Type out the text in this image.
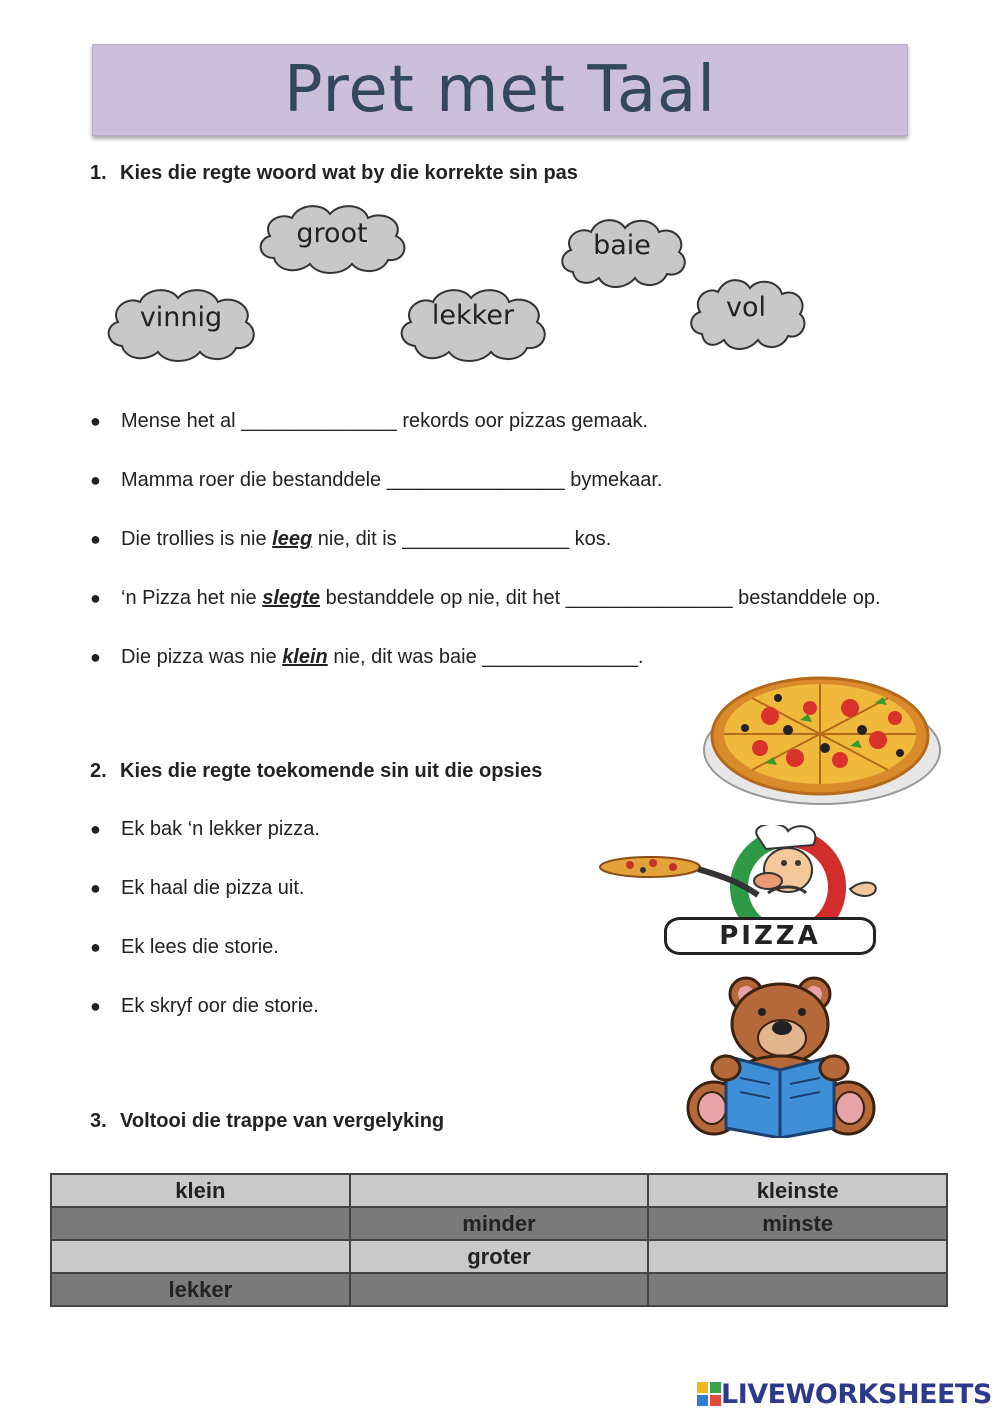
Pret met Taal
1. Kies die regte woord wat by die korrekte sin pas
groot	baie
vinnig	lekker	vol
● Mense het al ______________ rekords oor pizzas gemaak.
● Mamma roer die bestanddele ________________ bymekaar.
● Die trollies is nie leeg nie, dit is _______________ kos.
● ‘n Pizza het nie slegte bestanddele op nie, dit het _______________ bestanddele op.
● Die pizza was nie klein nie, dit was baie ______________.
2. Kies die regte toekomende sin uit die opsies
● Ek bak ‘n lekker pizza.
● Ek haal die pizza uit.
● Ek lees die storie.
● Ek skryf oor die storie.
PIZZA
3. Voltooi die trappe van vergelyking
klein		kleinste
	minder	minste
	groter	
lekker		
LIVEWORKSHEETS
